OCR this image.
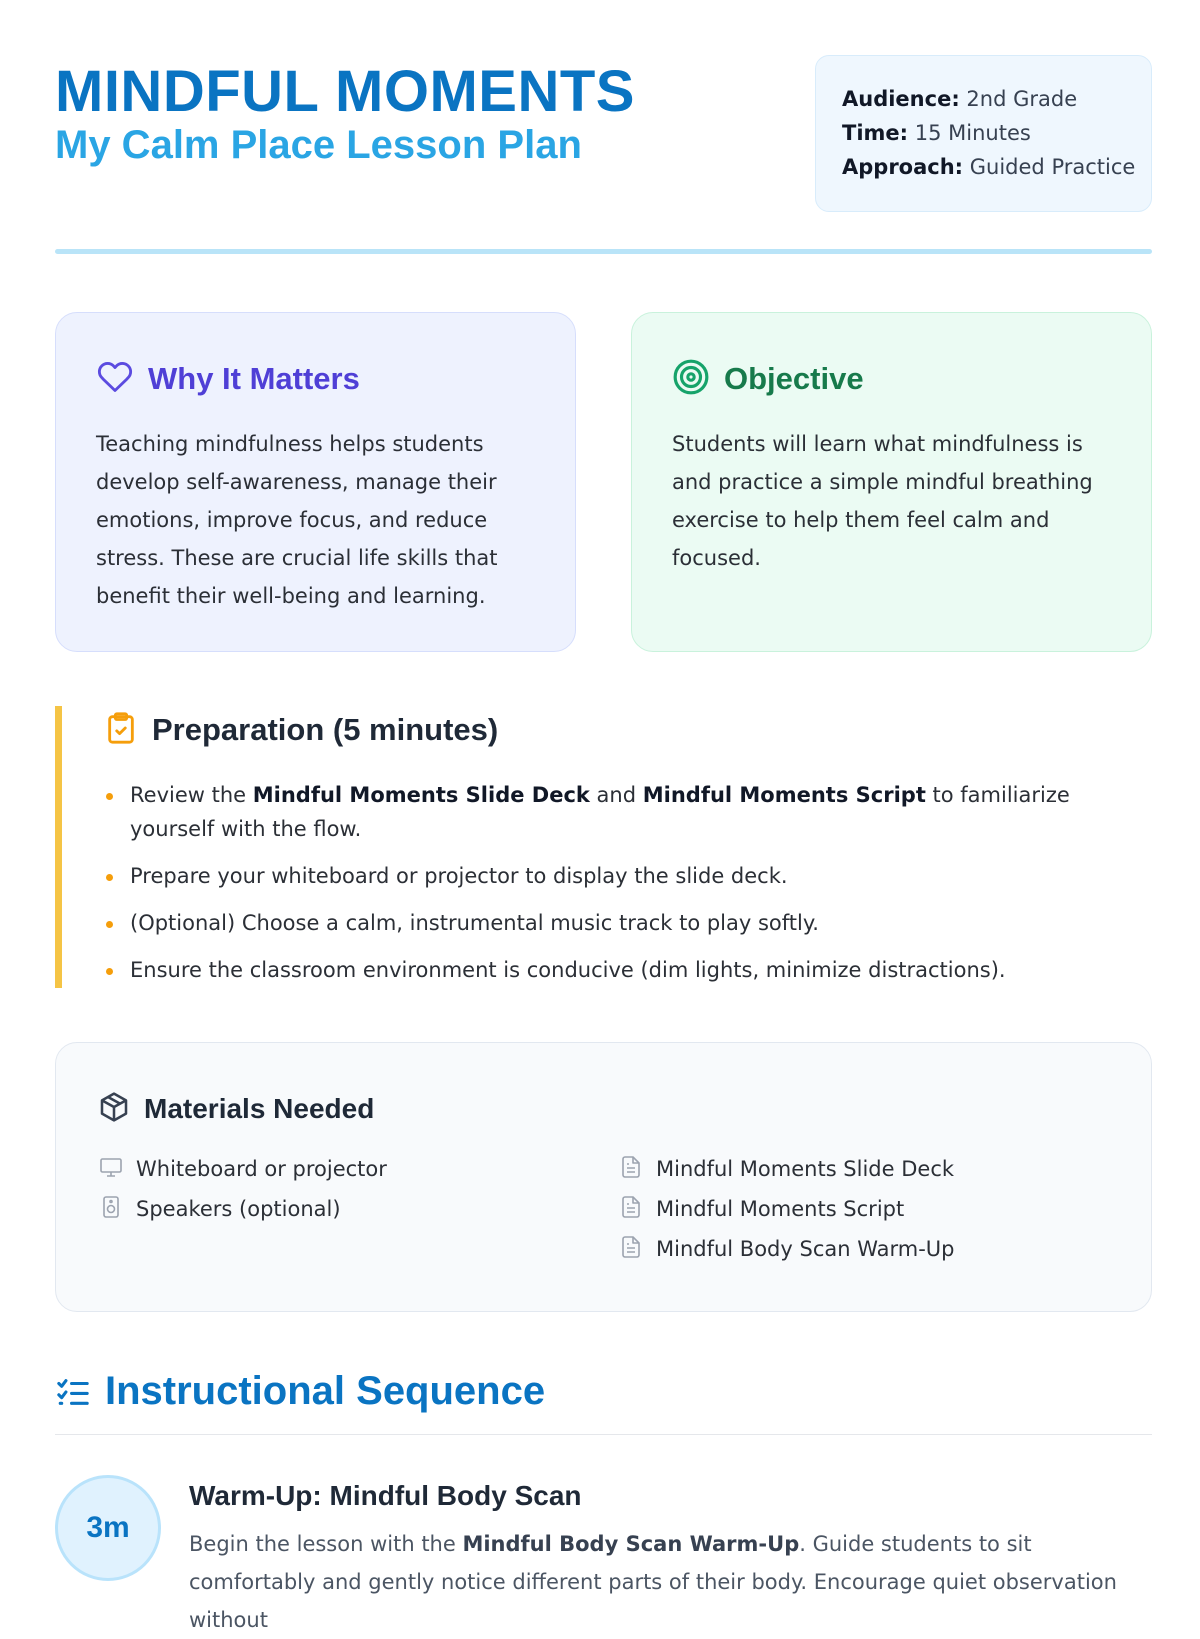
MINDFUL MOMENTS
My Calm Place Lesson Plan
Audience: 2nd Grade
Time: 15 Minutes
Approach: Guided Practice
Why It Matters

Teaching mindfulness helps students develop self-awareness, manage their emotions, improve focus, and reduce stress. These are crucial life skills that benefit their well-being and learning.

Objective

Students will learn what mindfulness is and practice a simple mindful breathing exercise to help them feel calm and focused.

Preparation (5 minutes)
Review the Mindful Moments Slide Deck and Mindful Moments Script to familiarize yourself with the flow.
Prepare your whiteboard or projector to display the slide deck.
(Optional) Choose a calm, instrumental music track to play softly.
Ensure the classroom environment is conducive (dim lights, minimize distractions).
Materials Needed
Whiteboard or projector
Speakers (optional)
Mindful Moments Slide Deck
Mindful Moments Script
Mindful Body Scan Warm-Up
Instructional Sequence
3m
Warm-Up: Mindful Body Scan

Begin the lesson with the Mindful Body Scan Warm-Up. Guide students to sit comfortably and gently notice different parts of their body. Encourage quiet observation without
